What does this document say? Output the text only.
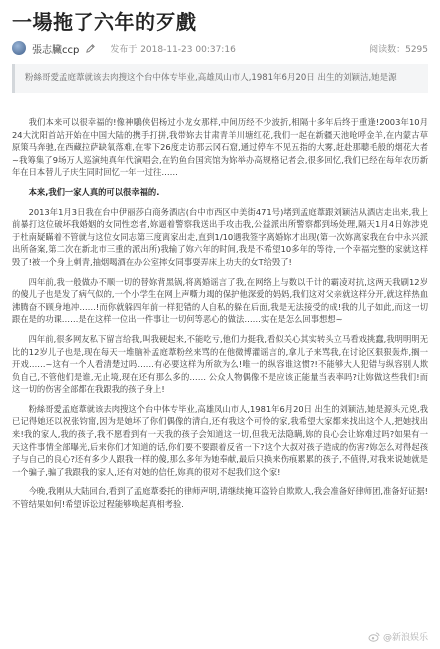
一場拖了六年的歹戲
張志臟ccp	发布于 2018-11-23 00:37:16	阅读数：5295
粉絲哥愛孟庭葦就该去肉搜这个台中体专毕业,高雄凤山市人,1981年6月20日 出生的刘颖洁,她是源

我们本来可以很幸福的!像神鵰侠侣杨过小龙女那样,中间历经不少波折,相隔十多年后终于重逢!2003年10月24大沈阳首站开始在中国大陆的携手打拼,我带妳去甘肃青羊川塘红花,我们一起在新疆天池呛呼金羊,在内蒙古草原策马奔驰,在西藏拉萨缺氧落难,在零下26度走访那云冈石窟,通过停车不见五指的大雾,赶赴那聰毛般的烟花大者~我筹集了9场万人巡演纯真年代演唱会,在钓鱼台国宾馆为妳举办高规格记者会,很多回忆,我们已经在每年农历新年在日本替儿子庆生同时回忆一年一过往……

本来,我们一家人真的可以很幸福的.

2013年1月3日我在台中伊丽莎白商务酒店(台中市西区中美街471号)堵到孟庭葦跟刘颖洁从酒店走出来,我上前暴打这位破坏我婚姻的女同性恋者,妳逼着警察我送出手攻击我,公益派出所警察都到场处理,隔天1月4日妳涉兇于杜南疑瞞着不管就与这位女同志第三度离家出走,直到1/10遇我签字离婚妳才出现(第一次妳离家我在台中永兴派出所备案,第二次在新北市三重的派出所)我输了妳六年的时间,我是不希望10多年的等待,一个幸福完整的家就这样毁了!被一个身上刺青,抽烟喝酒在办公室摔女同事耍弄床上功夫的女T给毁了!

四年前,我一般做办不顺一切的替妳背黑锅,将离婚谣言了我,在网络上与数以千计的霸凌对抗,这两天我刷12岁的傻儿子也是发了病气似的,一个小学生在网上声嘶力竭的保护他深爱的妈妈,我们这对父亲就这样分开,就这样热血沸腾奋不顾身地冲……!而你就躲四年前一样犯错的人自私的躲在后面,我是无法接受的成!我的儿子如此,而这一切跟在是的功课……是在这样一位出一件事让一切何等恶心的做法……实在是怎么回事想想~

四年前,很多网友私下留言给我,叫我硬起来,不能吃亏,他们力挺我,看似关心其实转头立马看戏挑蠢,我明明明无比的12岁儿子也是,现在每天一堆脑补孟庭葦粉丝来骂的在他微博灌谣言的,拿儿子来骂我,在讨论区狠狠轰炸,搁一开戏……~这有一个人看清楚过吗……有必要这样为所欲为么!唯一的纵容谁这惯?!不能够大人犯错与纵容别人欺负自己,不管他们是谁,无止境,现在还有那么多的…… 公众人物偶像不是应该正能量当表率吗?让妳做这些我们!而这一切的伤害全部都在我跟我的孩子身上!

粉絲哥愛孟庭葦就该去肉搜这个台中体专毕业,高雄凤山市人,1981年6月20日 出生的刘颖洁,她是源头元兇,我已记得她还以祝张钧甯,因为是她坏了你们偶像的清白,还有我这个可怜的家,我希望大家都来找出这个人,把她找出来!我的家人,我的孩子,我不愿看到有一天我的孩子会知道这一切,但我无法隐瞒,妳的良心会让妳难过吗?如果有一天这件事情全部曝光,后来你们才知道的话,你们要不要跟着反省一下?这个大叔对孩子造成的伤害?妳怎么对得起孩子与自己的良心?还有多少人跟我一样的傻,那么多年为她奉献,最后只换来伤痕累累的孩子,不值得,对我来说她就是一个骗子,骗了我跟我的家人,还有对她的信任,妳真的很对不起我们这个家!

今晚,我刚从大陆回台,看到了孟庭葦委托的律师声明,请继续掩耳盗铃自欺欺人,我会准备好律师团,准备好证据!不管结果如何!希望诉讼过程能够唤起真相考验.

@新浪娱乐
